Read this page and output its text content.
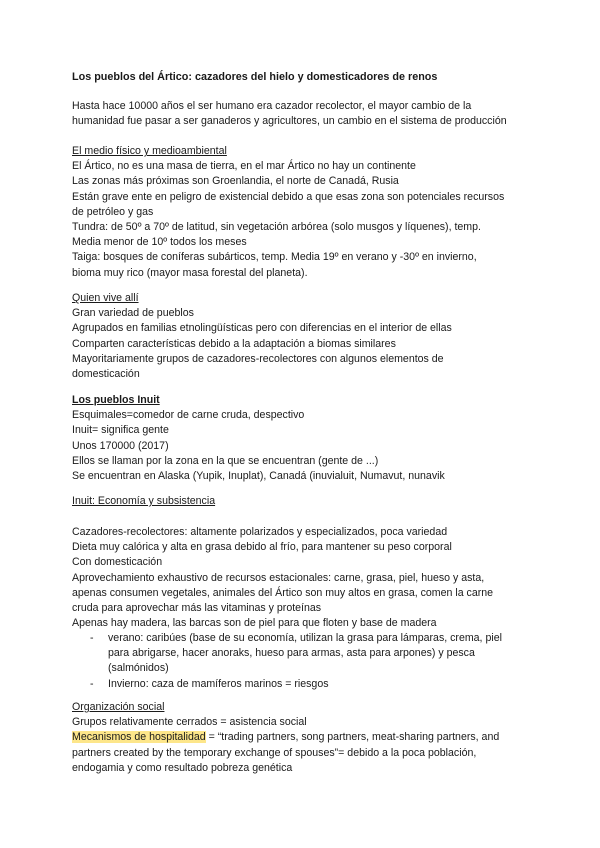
Los pueblos del Ártico: cazadores del hielo y domesticadores de renos
Hasta hace 10000 años el ser humano era cazador recolector, el mayor cambio de la
humanidad fue pasar a ser ganaderos y agricultores, un cambio en el sistema de producción
El medio físico y medioambiental
El Ártico, no es una masa de tierra, en el mar Ártico no hay un continente
Las zonas más próximas son Groenlandia, el norte de Canadá, Rusia
Están grave ente en peligro de existencial debido a que esas zona son potenciales recursos
de petróleo y gas
Tundra: de 50º a 70º de latitud, sin vegetación arbórea (solo musgos y líquenes), temp.
Media menor de 10º todos los meses
Taiga: bosques de coníferas subárticos, temp. Media 19º en verano y -30º en invierno,
bioma muy rico (mayor masa forestal del planeta).
Quien vive allí
Gran variedad de pueblos
Agrupados en familias etnolingüísticas pero con diferencias en el interior de ellas
Comparten características debido a la adaptación a biomas similares
Mayoritariamente grupos de cazadores-recolectores con algunos elementos de
domesticación
Los pueblos Inuit
Esquimales=comedor de carne cruda, despectivo
Inuit= significa gente
Unos 170000 (2017)
Ellos se llaman por la zona en la que se encuentran (gente de ...)
Se encuentran en Alaska (Yupik, Inuplat), Canadá (inuvialuit, Numavut, nunavik
Inuit: Economía y subsistencia
Cazadores-recolectores: altamente polarizados y especializados, poca variedad
Dieta muy calórica y alta en grasa debido al frío, para mantener su peso corporal
Con domesticación
Aprovechamiento exhaustivo de recursos estacionales: carne, grasa, piel, hueso y asta,
apenas consumen vegetales, animales del Ártico son muy altos en grasa, comen la carne
cruda para aprovechar más las vitaminas y proteínas
Apenas hay madera, las barcas son de piel para que floten y base de madera
- verano: caribúes (base de su economía, utilizan la grasa para lámparas, crema, piel
para abrigarse, hacer anoraks, hueso para armas, asta para arpones) y pesca
(salmónidos)
- Invierno: caza de mamíferos marinos = riesgos
Organización social
Grupos relativamente cerrados = asistencia social
Mecanismos de hospitalidad = “trading partners, song partners, meat-sharing partners, and
partners created by the temporary exchange of spouses”= debido a la poca población,
endogamia y como resultado pobreza genética
